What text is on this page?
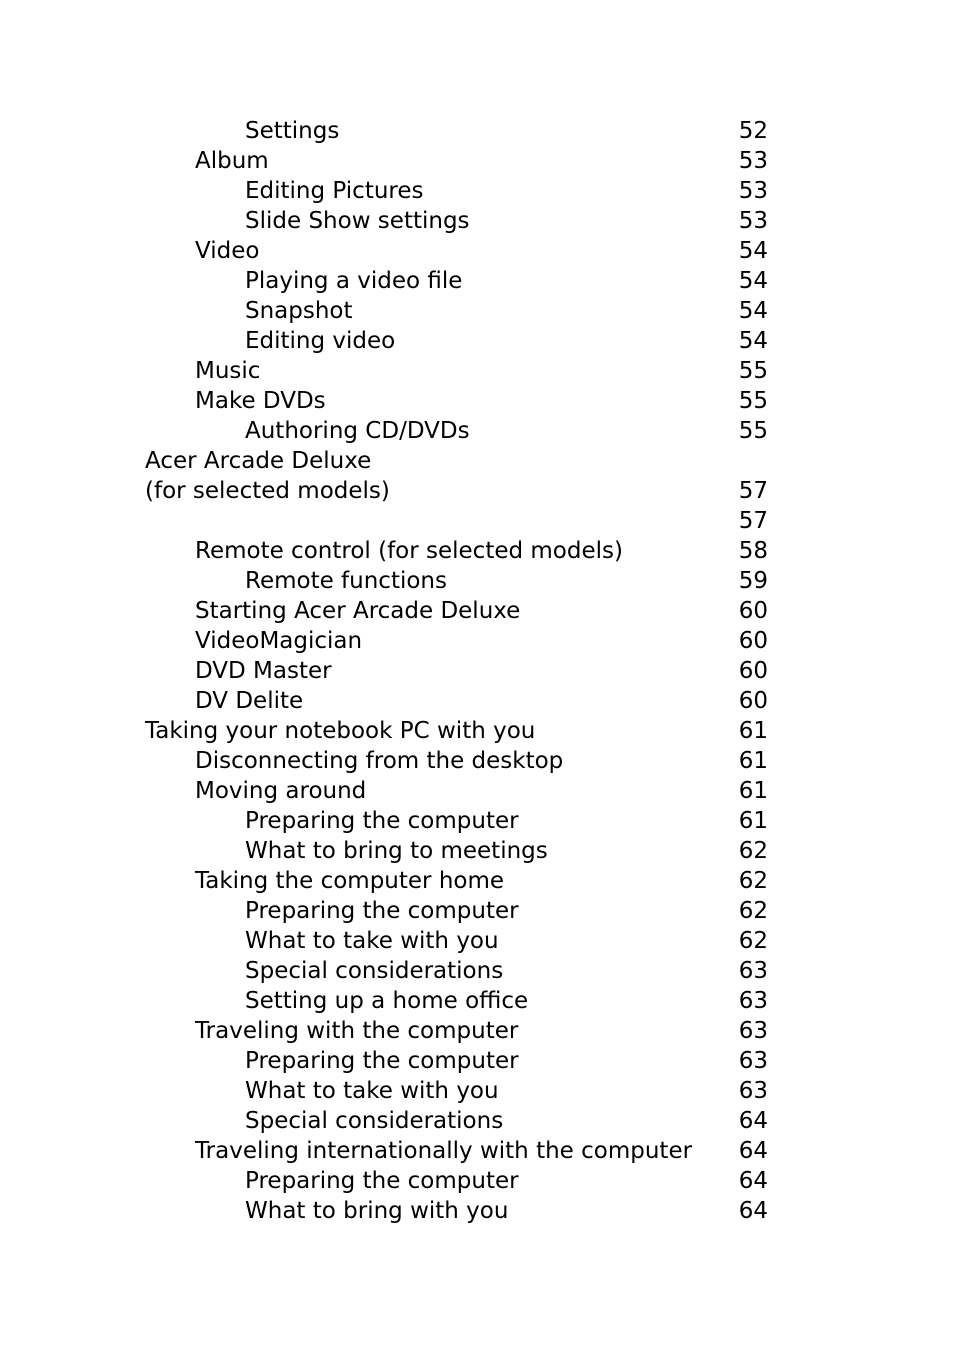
Settings	52
Album	53
Editing Pictures	53
Slide Show settings	53
Video	54
Playing a video file	54
Snapshot	54
Editing video	54
Music	55
Make DVDs	55
Authoring CD/DVDs	55
Acer Arcade Deluxe
(for selected models)	57
57
Remote control (for selected models)	58
Remote functions	59
Starting Acer Arcade Deluxe	60
VideoMagician	60
DVD Master	60
DV Delite	60
Taking your notebook PC with you	61
Disconnecting from the desktop	61
Moving around	61
Preparing the computer	61
What to bring to meetings	62
Taking the computer home	62
Preparing the computer	62
What to take with you	62
Special considerations	63
Setting up a home office	63
Traveling with the computer	63
Preparing the computer	63
What to take with you	63
Special considerations	64
Traveling internationally with the computer 64
Preparing the computer	64
What to bring with you	64
